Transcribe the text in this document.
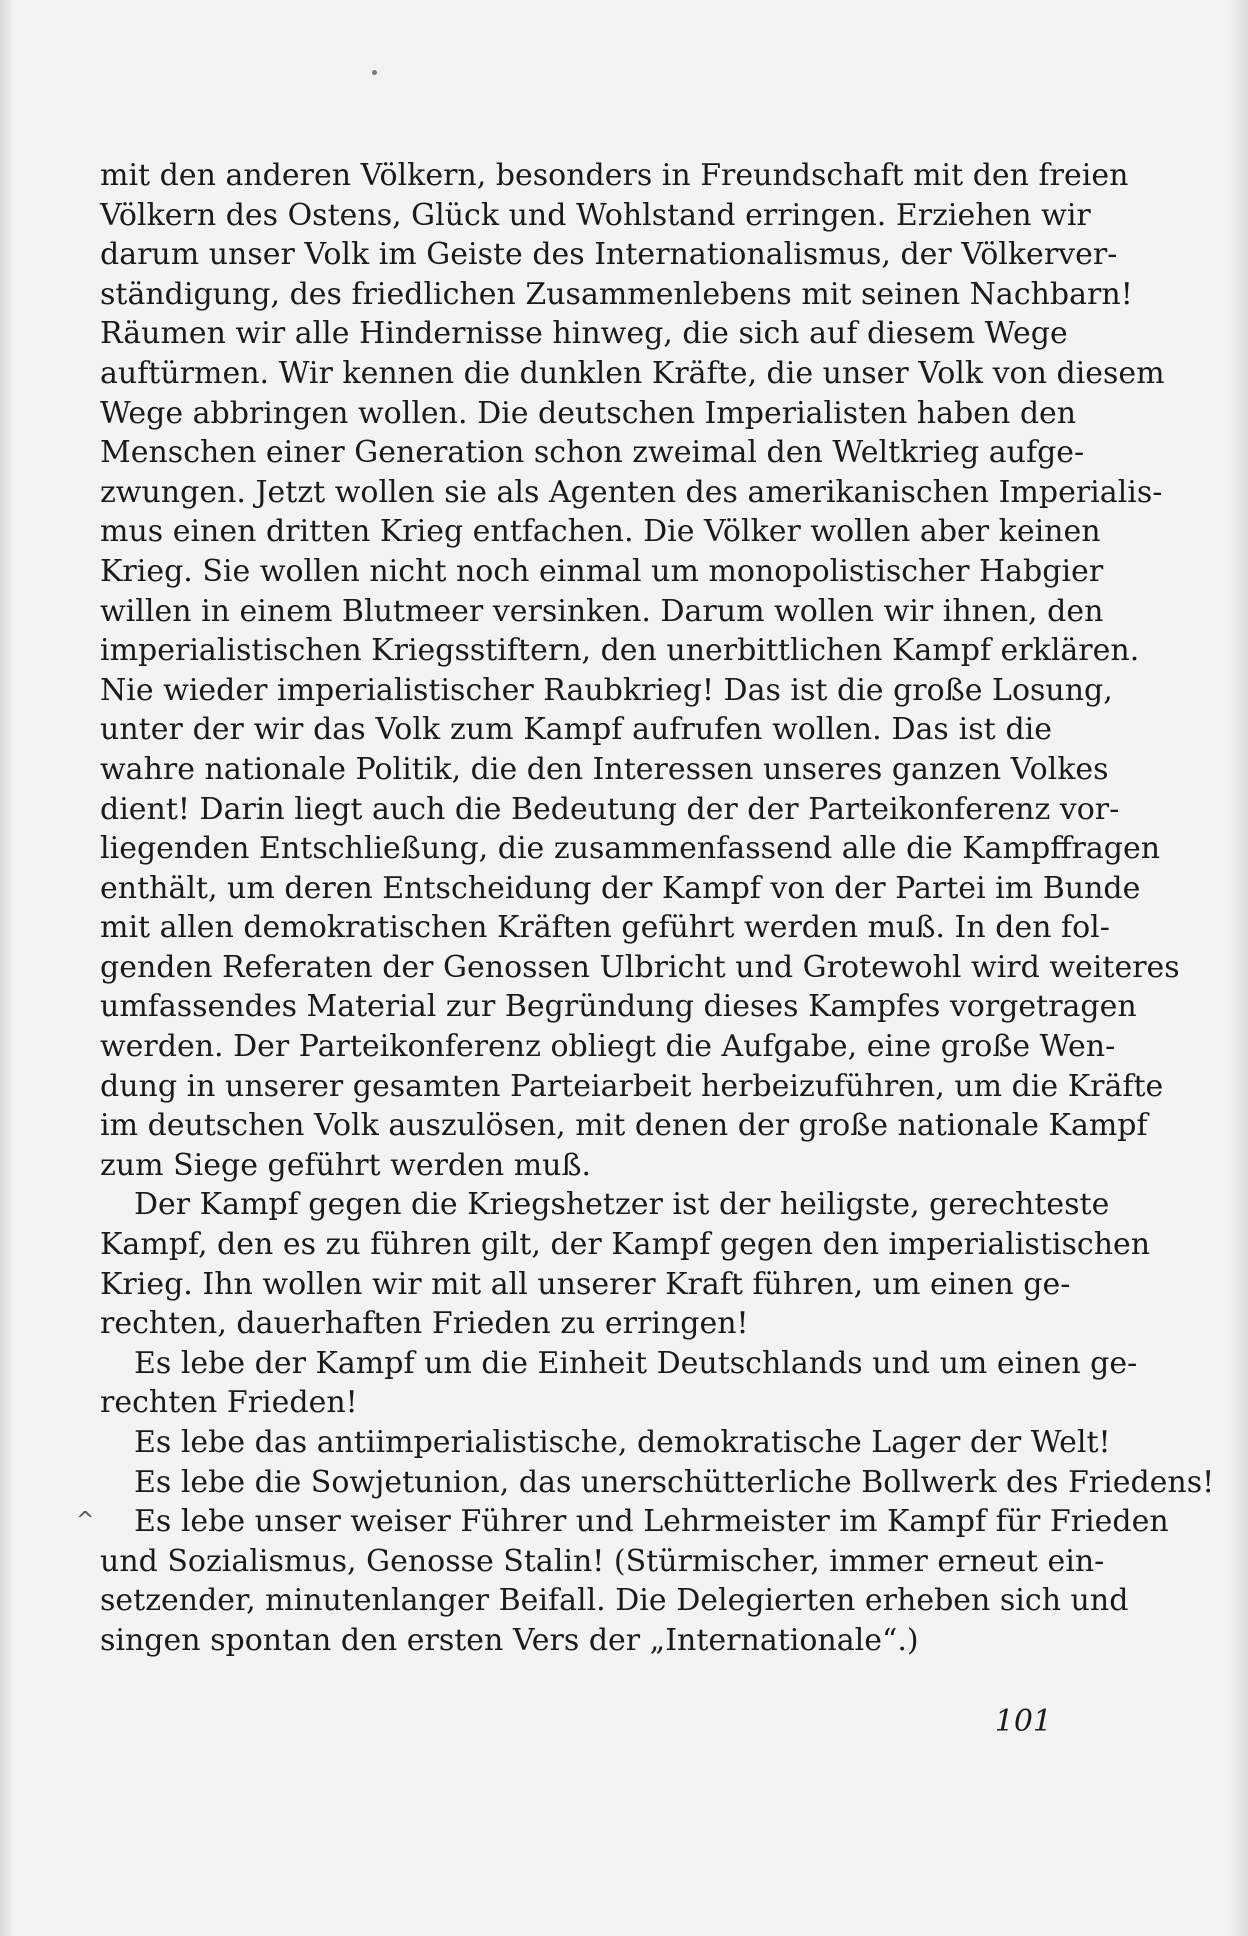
mit den anderen Völkern, besonders in Freundschaft mit den freien
Völkern des Ostens, Glück und Wohlstand erringen. Erziehen wir
darum unser Volk im Geiste des Internationalismus, der Völkerver-
ständigung, des friedlichen Zusammenlebens mit seinen Nachbarn!
Räumen wir alle Hindernisse hinweg, die sich auf diesem Wege
auftürmen. Wir kennen die dunklen Kräfte, die unser Volk von diesem
Wege abbringen wollen. Die deutschen Imperialisten haben den
Menschen einer Generation schon zweimal den Weltkrieg aufge-
zwungen. Jetzt wollen sie als Agenten des amerikanischen Imperialis-
mus einen dritten Krieg entfachen. Die Völker wollen aber keinen
Krieg. Sie wollen nicht noch einmal um monopolistischer Habgier
willen in einem Blutmeer versinken. Darum wollen wir ihnen, den
imperialistischen Kriegsstiftern, den unerbittlichen Kampf erklären.
Nie wieder imperialistischer Raubkrieg! Das ist die große Losung,
unter der wir das Volk zum Kampf aufrufen wollen. Das ist die
wahre nationale Politik, die den Interessen unseres ganzen Volkes
dient! Darin liegt auch die Bedeutung der der Parteikonferenz vor-
liegenden Entschließung, die zusammenfassend alle die Kampffragen
enthält, um deren Entscheidung der Kampf von der Partei im Bunde
mit allen demokratischen Kräften geführt werden muß. In den fol-
genden Referaten der Genossen Ulbricht und Grotewohl wird weiteres
umfassendes Material zur Begründung dieses Kampfes vorgetragen
werden. Der Parteikonferenz obliegt die Aufgabe, eine große Wen-
dung in unserer gesamten Parteiarbeit herbeizuführen, um die Kräfte
im deutschen Volk auszulösen, mit denen der große nationale Kampf
zum Siege geführt werden muß.
Der Kampf gegen die Kriegshetzer ist der heiligste, gerechteste
Kampf, den es zu führen gilt, der Kampf gegen den imperialistischen
Krieg. Ihn wollen wir mit all unserer Kraft führen, um einen ge-
rechten, dauerhaften Frieden zu erringen!
Es lebe der Kampf um die Einheit Deutschlands und um einen ge-
rechten Frieden!
Es lebe das antiimperialistische, demokratische Lager der Welt!
Es lebe die Sowjetunion, das unerschütterliche Bollwerk des Friedens!
Es lebe unser weiser Führer und Lehrmeister im Kampf für Frieden
und Sozialismus, Genosse Stalin! (Stürmischer, immer erneut ein-
setzender, minutenlanger Beifall. Die Delegierten erheben sich und
singen spontan den ersten Vers der „Internationale“.)
^
101
